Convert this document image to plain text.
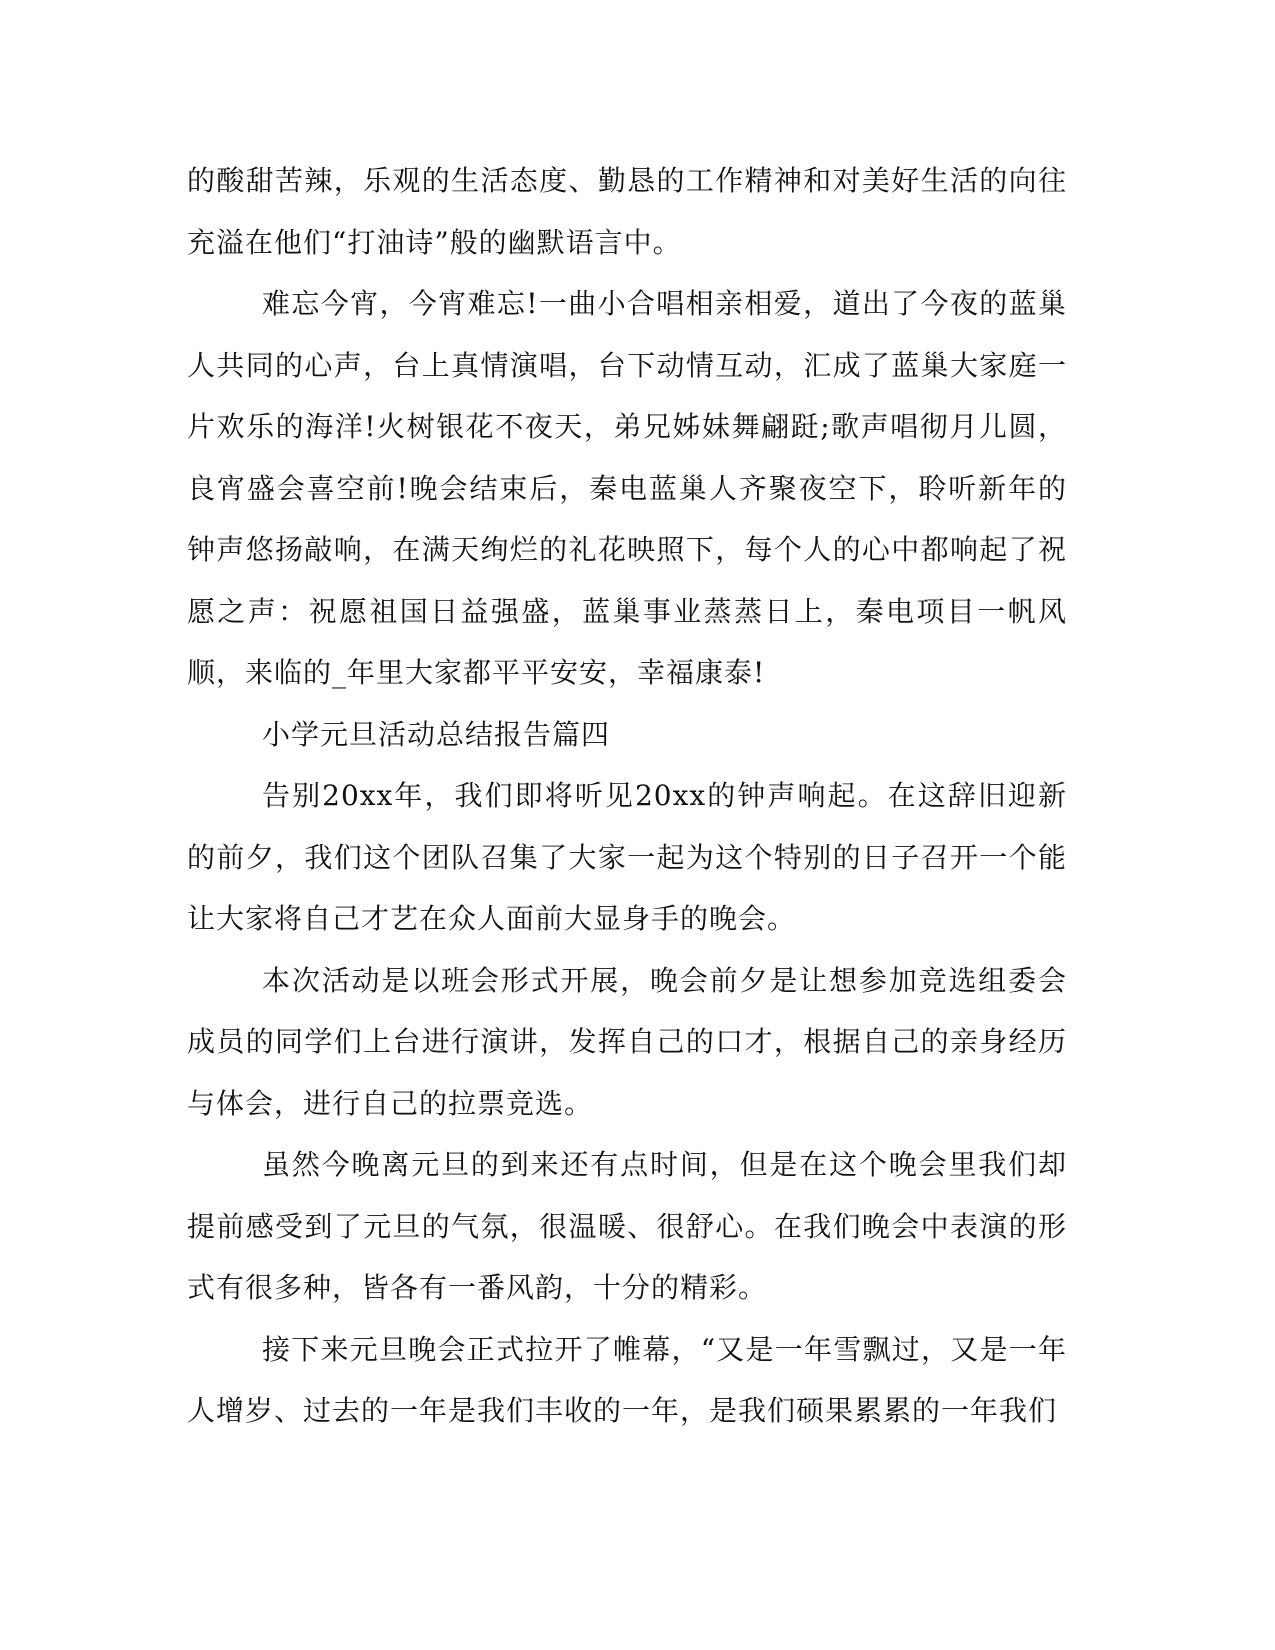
的酸甜苦辣，乐观的生活态度、勤恳的工作精神和对美好生活的向往充溢在他们“打油诗”般的幽默语言中。

难忘今宵，今宵难忘!一曲小合唱相亲相爱，道出了今夜的蓝巢人共同的心声，台上真情演唱，台下动情互动，汇成了蓝巢大家庭一片欢乐的海洋!火树银花不夜天，弟兄姊妹舞翩跹;歌声唱彻月儿圆，良宵盛会喜空前!晚会结束后，秦电蓝巢人齐聚夜空下，聆听新年的钟声悠扬敲响，在满天绚烂的礼花映照下，每个人的心中都响起了祝愿之声：祝愿祖国日益强盛，蓝巢事业蒸蒸日上，秦电项目一帆风顺，来临的_年里大家都平平安安，幸福康泰!

小学元旦活动总结报告篇四

告别20xx年，我们即将听见20xx的钟声响起。在这辞旧迎新的前夕，我们这个团队召集了大家一起为这个特别的日子召开一个能让大家将自己才艺在众人面前大显身手的晚会。

本次活动是以班会形式开展，晚会前夕是让想参加竞选组委会成员的同学们上台进行演讲，发挥自己的口才，根据自己的亲身经历与体会，进行自己的拉票竞选。

虽然今晚离元旦的到来还有点时间，但是在这个晚会里我们却提前感受到了元旦的气氛，很温暖、很舒心。在我们晚会中表演的形式有很多种，皆各有一番风韵，十分的精彩。

接下来元旦晚会正式拉开了帷幕，“又是一年雪飘过，又是一年人增岁、过去的一年是我们丰收的一年，是我们硕果累累的一年我们
